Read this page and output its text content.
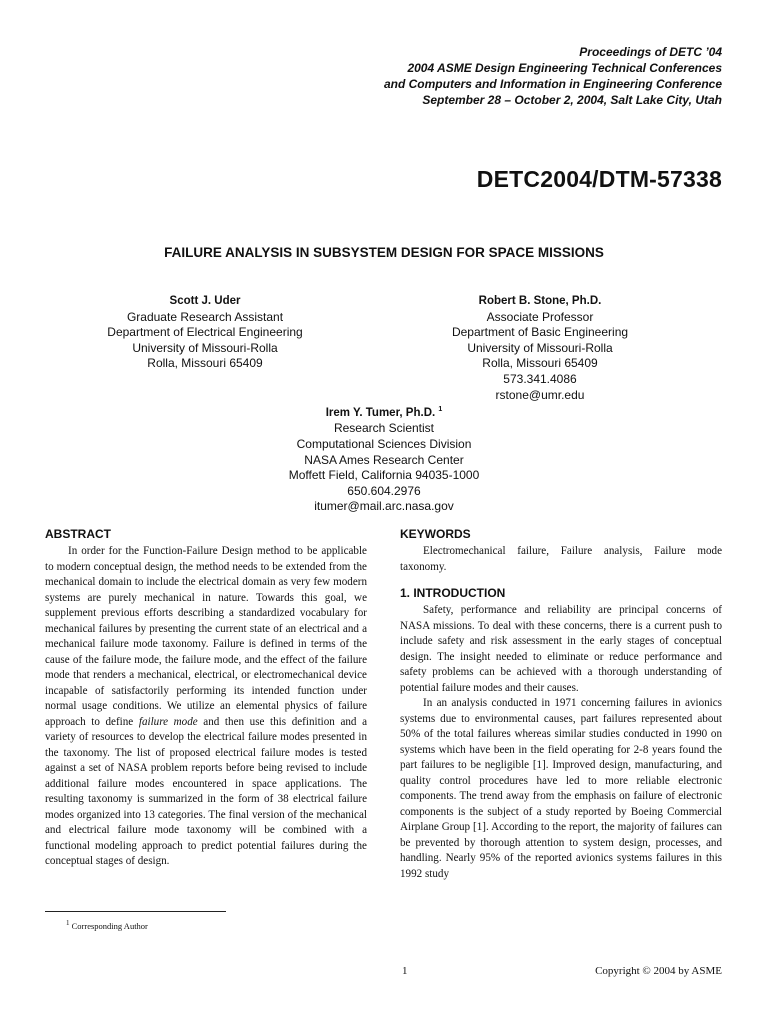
Proceedings of DETC ’04
2004 ASME Design Engineering Technical Conferences
and Computers and Information in Engineering Conference
September 28 – October 2, 2004, Salt Lake City, Utah
DETC2004/DTM-57338
FAILURE ANALYSIS IN SUBSYSTEM DESIGN FOR SPACE MISSIONS
Scott J. Uder
Graduate Research Assistant
Department of Electrical Engineering
University of Missouri-Rolla
Rolla, Missouri 65409
Robert B. Stone, Ph.D.
Associate Professor
Department of Basic Engineering
University of Missouri-Rolla
Rolla, Missouri 65409
573.341.4086
rstone@umr.edu
Irem Y. Tumer, Ph.D. $^1$
Research Scientist
Computational Sciences Division
NASA Ames Research Center
Moffett Field, California 94035-1000
650.604.2976
itumer@mail.arc.nasa.gov
ABSTRACT

In order for the Function-Failure Design method to be applicable to modern conceptual design, the method needs to be extended from the mechanical domain to include the electrical domain as very few modern systems are purely mechanical in nature. Towards this goal, we supplement previous efforts describing a standardized vocabulary for mechanical failures by presenting the current state of an electrical and a mechanical failure mode taxonomy. Failure is defined in terms of the cause of the failure mode, the failure mode, and the effect of the failure mode that renders a mechanical, electrical, or electromechanical device incapable of satisfactorily performing its intended function under normal usage conditions. We utilize an elemental physics of failure approach to define failure mode and then use this definition and a variety of resources to develop the electrical failure modes presented in the taxonomy. The list of proposed electrical failure modes is tested against a set of NASA problem reports before being revised to include additional failure modes encountered in space applications. The resulting taxonomy is summarized in the form of 38 electrical failure modes organized into 13 categories. The final version of the mechanical and electrical failure mode taxonomy will be combined with a functional modeling approach to predict potential failures during the conceptual stages of design.

KEYWORDS

Electromechanical failure, Failure analysis, Failure mode taxonomy.

1. INTRODUCTION

Safety, performance and reliability are principal concerns of NASA missions. To deal with these concerns, there is a current push to include safety and risk assessment in the early stages of conceptual design. The insight needed to eliminate or reduce performance and safety problems can be achieved with a thorough understanding of potential failure modes and their causes.

In an analysis conducted in 1971 concerning failures in avionics systems due to environmental causes, part failures represented about 50% of the total failures whereas similar studies conducted in 1990 on systems which have been in the field operating for 2-8 years found the part failures to be negligible [1]. Improved design, manufacturing, and quality control procedures have led to more reliable electronic components. The trend away from the emphasis on failure of electronic components is the subject of a study reported by Boeing Commercial Airplane Group [1]. According to the report, the majority of failures can be prevented by thorough attention to system design, processes, and handling. Nearly 95% of the reported avionics systems failures in this 1992 study

$^1$ Corresponding Author
1	Copyright © 2004 by ASME
